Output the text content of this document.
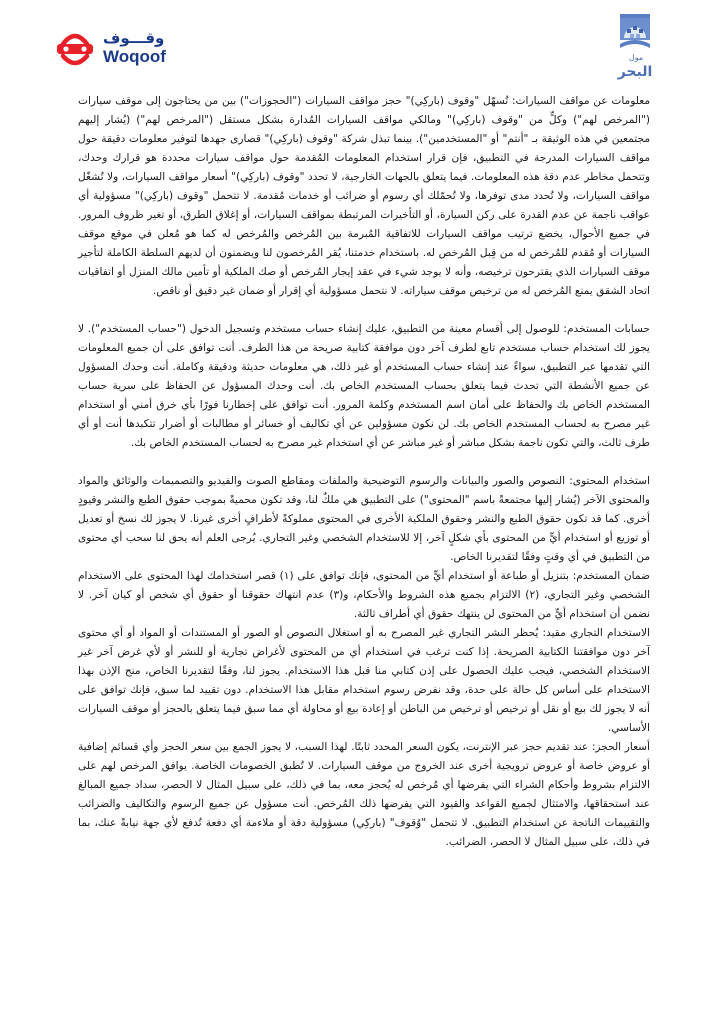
وقـــوف
Woqoof	مول
البحر

معلومات عن مواقف السيارات: تُسهّل "وقوف (باركِي)" حجز مواقف السيارات ("الحجوزات") بين من يحتاجون إلى موقف سيارات ("المرخص لهم") وكلٍّ من "وقوف (باركِي)" ومالكي مواقف السيارات المُدارة بشكل مستقل ("المرخص لهم") (يُشار إليهم مجتمعين في هذه الوثيقة بـ "أنتم" أو "المستخدمين"). بينما تبذل شركة "وقوف (باركِي)" قصارى جهدها لتوفير معلومات دقيقة حول مواقف السيارات المدرجة في التطبيق، فإن قرار استخدام المعلومات المُقدمة حول مواقف سيارات محددة هو قرارك وحدك، وتتحمل مخاطر عدم دقة هذه المعلومات. فيما يتعلق بالجهات الخارجية، لا تحدد "وقوف (باركِي)" أسعار مواقف السيارات، ولا تُشغّل مواقف السيارات، ولا تُحدد مدى توفرها، ولا تُحمّلك أي رسوم أو ضرائب أو خدمات مُقدمة. لا تتحمل "وقوف (باركِي)" مسؤولية أي عواقب ناجمة عن عدم القدرة على ركن السيارة، أو التأخيرات المرتبطة بمواقف السيارات، أو إغلاق الطرق، أو تغير ظروف المرور. في جميع الأحوال، يخضع ترتيب مواقف السيارات للاتفاقية المُبرمة بين المُرخص والمُرخص له كما هو مُعلن في موقع موقف السيارات أو مُقدم للمُرخص له من قِبل المُرخص له. باستخدام خدمتنا، يُقر المُرخصون لنا ويضمنون أن لديهم السلطة الكاملة لتأجير موقف السيارات الذي يقترحون ترخيصه، وأنه لا يوجد شيء في عقد إيجار المُرخص أو صك الملكية أو تأمين مالك المنزل أو اتفاقيات اتحاد الشقق يمنع المُرخص له من ترخيص موقف سياراته. لا نتحمل مسؤولية أي إقرار أو ضمان غير دقيق أو ناقص.

حسابات المستخدم: للوصول إلى أقسام معينة من التطبيق، عليك إنشاء حساب مستخدم وتسجيل الدخول ("حساب المستخدم"). لا يجوز لك استخدام حساب مستخدم تابع لطرف آخر دون موافقة كتابية صريحة من هذا الطرف. أنت توافق على أن جميع المعلومات التي تقدمها عبر التطبيق، سواءً عند إنشاء حساب المستخدم أو غير ذلك، هي معلومات حديثة ودقيقة وكاملة. أنت وحدك المسؤول عن جميع الأنشطة التي تحدث فيما يتعلق بحساب المستخدم الخاص بك. أنت وحدك المسؤول عن الحفاظ على سرية حساب المستخدم الخاص بك والحفاظ على أمان اسم المستخدم وكلمة المرور. أنت توافق على إخطارنا فورًا بأي خرق أمني أو استخدام غير مصرح به لحساب المستخدم الخاص بك. لن نكون مسؤولين عن أي تكاليف أو خسائر أو مطالبات أو أضرار تتكبدها أنت أو أي طرف ثالث، والتي تكون ناجمة بشكل مباشر أو غير مباشر عن أي استخدام غير مصرح به لحساب المستخدم الخاص بك.

استخدام المحتوى: النصوص والصور والبيانات والرسوم التوضيحية والملفات ومقاطع الصوت والفيديو والتصميمات والوثائق والمواد والمحتوى الآخر (يُشار إليها مجتمعةً باسم "المحتوى") على التطبيق هي ملكٌ لنا، وقد تكون محميةً بموجب حقوق الطبع والنشر وقيودٍ أخرى. كما قد تكون حقوق الطبع والنشر وحقوق الملكية الأخرى في المحتوى مملوكةً لأطرافٍ أخرى غيرنا. لا يجوز لك نسخ أو تعديل أو توزيع أو استخدام أيٍّ من المحتوى بأي شكلٍ آخر، إلا للاستخدام الشخصي وغير التجاري. يُرجى العلم أنه يحق لنا سحب أي محتوى من التطبيق في أي وقتٍ وفقًا لتقديرنا الخاص.

ضمان المستخدم: بتنزيل أو طباعة أو استخدام أيٍّ من المحتوى، فإنك توافق على (١) قصر استخدامك لهذا المحتوى على الاستخدام الشخصي وغير التجاري، (٢) الالتزام بجميع هذه الشروط والأحكام، و(٣) عدم انتهاك حقوقنا أو حقوق أي شخص أو كيان آخر. لا نضمن أن استخدام أيٍّ من المحتوى لن ينتهك حقوق أي أطراف ثالثة.

الاستخدام التجاري مقيد: يُحظر النشر التجاري غير المصرح به أو استغلال النصوص أو الصور أو المستندات أو المواد أو أي محتوى آخر دون موافقتنا الكتابية الصريحة. إذا كنت ترغب في استخدام أي من المحتوى لأغراض تجارية أو للنشر أو لأي غرض آخر غير الاستخدام الشخصي، فيجب عليك الحصول على إذن كتابي منا قبل هذا الاستخدام. يجوز لنا، وفقًا لتقديرنا الخاص، منح الإذن بهذا الاستخدام على أساس كل حالة على حدة، وقد نفرض رسوم استخدام مقابل هذا الاستخدام. دون تقييد لما سبق، فإنك توافق على أنه لا يجوز لك بيع أو نقل أو ترخيص أو ترخيص من الباطن أو إعادة بيع أو محاولة أي مما سبق فيما يتعلق بالحجز أو موقف السيارات الأساسي.

أسعار الحجز: عند تقديم حجز عبر الإنترنت، يكون السعر المحدد ثابتًا. لهذا السبب، لا يجوز الجمع بين سعر الحجز وأي قسائم إضافية أو عروض خاصة أو عروض ترويجية أخرى عند الخروج من موقف السيارات. لا تُطبق الخصومات الخاصة. يوافق المرخص لهم على الالتزام بشروط وأحكام الشراء التي يفرضها أي مُرخص له يُحجز معه، بما في ذلك، على سبيل المثال لا الحصر، سداد جميع المبالغ عند استحقاقها، والامتثال لجميع القواعد والقيود التي يفرضها ذلك المُرخص. أنت مسؤول عن جميع الرسوم والتكاليف والضرائب والتقييمات الناتجة عن استخدام التطبيق. لا تتحمل "وُقوف" (باركِي) مسؤولية دقة أو ملاءمة أي دفعة تُدفع لأي جهة نيابةً عنك، بما في ذلك، على سبيل المثال لا الحصر، الضرائب.
